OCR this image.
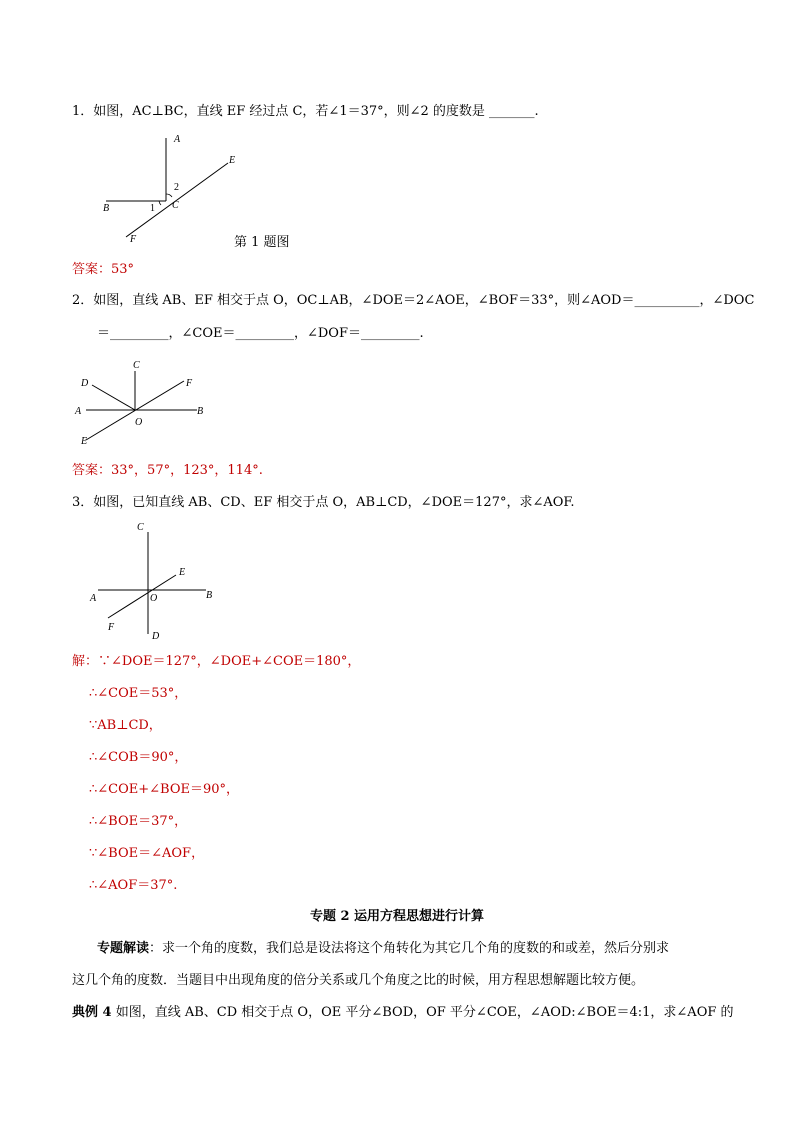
1．如图，AC⊥BC，直线 EF 经过点 C，若∠1＝37°，则∠2 的度数是 _______.
A
E
2
B	1 C
F	第 1 题图
答案：53°
2．如图，直线 AB、EF 相交于点 O，OC⊥AB，∠DOE＝2∠AOE，∠BOF＝33°，则∠AOD＝__________，∠DOC
＝_________，∠COE＝_________，∠DOF＝_________.
C
D	F
A	B
O
E
答案：33°，57°，123°，114°.
3．如图，已知直线 AB、CD、EF 相交于点 O，AB⊥CD，∠DOE＝127°，求∠AOF.
C
E
A	O	B
F
D
解：∵∠DOE＝127°，∠DOE+∠COE＝180°，
∴∠COE＝53°，
∵AB⊥CD，
∴∠COB＝90°，
∴∠COE+∠BOE＝90°，
∴∠BOE＝37°，
∵∠BOE＝∠AOF，
∴∠AOF＝37°.
专题 2 运用方程思想进行计算
专题解读：求一个角的度数，我们总是设法将这个角转化为其它几个角的度数的和或差，然后分别求
这几个角的度数．当题目中出现角度的倍分关系或几个角度之比的时候，用方程思想解题比较方便。
典例 4 如图，直线 AB、CD 相交于点 O，OE 平分∠BOD，OF 平分∠COE，∠AOD:∠BOE＝4:1，求∠AOF 的
